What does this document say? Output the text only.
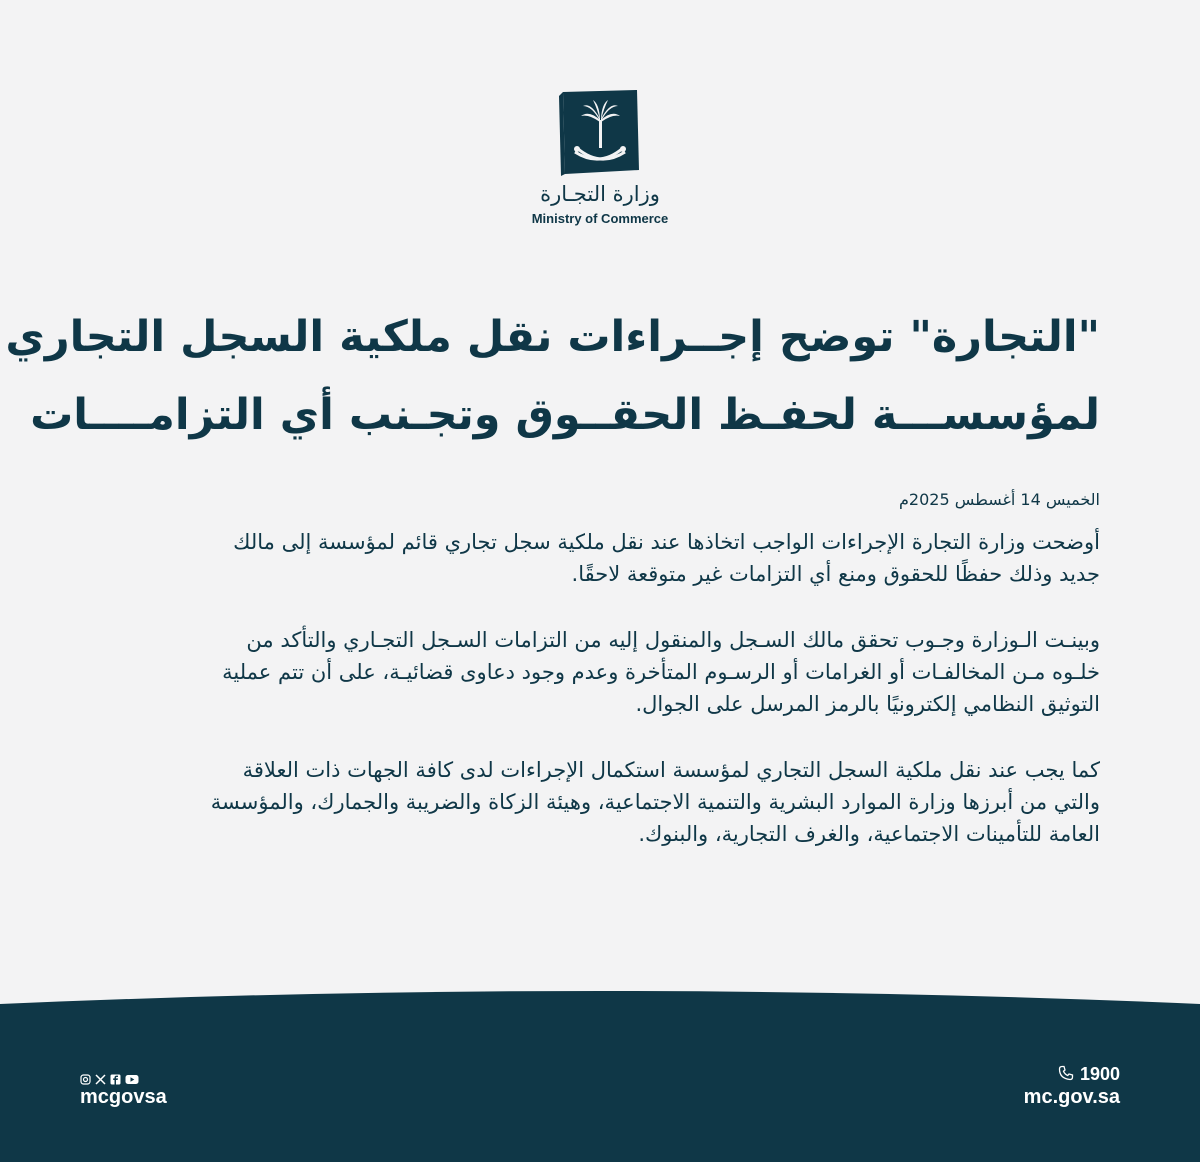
وزارة التجـارة
Ministry of Commerce
"التجارة" توضح إجــراءات نقل ملكية السجل التجاري
لمؤسســـة لحفـظ الحقــوق وتجـنب أي التزامــــات
الخميس 14 أغسطس 2025م

أوضحت وزارة التجارة الإجراءات الواجب اتخاذها عند نقل ملكية سجل تجاري قائم لمؤسسة إلى مالك
جديد وذلك حفظًا للحقوق ومنع أي التزامات غير متوقعة لاحقًا.

وبينـت الـوزارة وجـوب تحقق مالك السـجل والمنقول إليه من التزامات السـجل التجـاري والتأكد من
خلـوه مـن المخالفـات أو الغرامات أو الرسـوم المتأخرة وعدم وجود دعاوى قضائيـة، على أن تتم عملية
التوثيق النظامي إلكترونيًا بالرمز المرسل على الجوال.

كما يجب عند نقل ملكية السجل التجاري لمؤسسة استكمال الإجراءات لدى كافة الجهات ذات العلاقة
والتي من أبرزها وزارة الموارد البشرية والتنمية الاجتماعية، وهيئة الزكاة والضريبة والجمارك، والمؤسسة
العامة للتأمينات الاجتماعية، والغرف التجارية، والبنوك.

mcgovsa
1900
mc.gov.sa
